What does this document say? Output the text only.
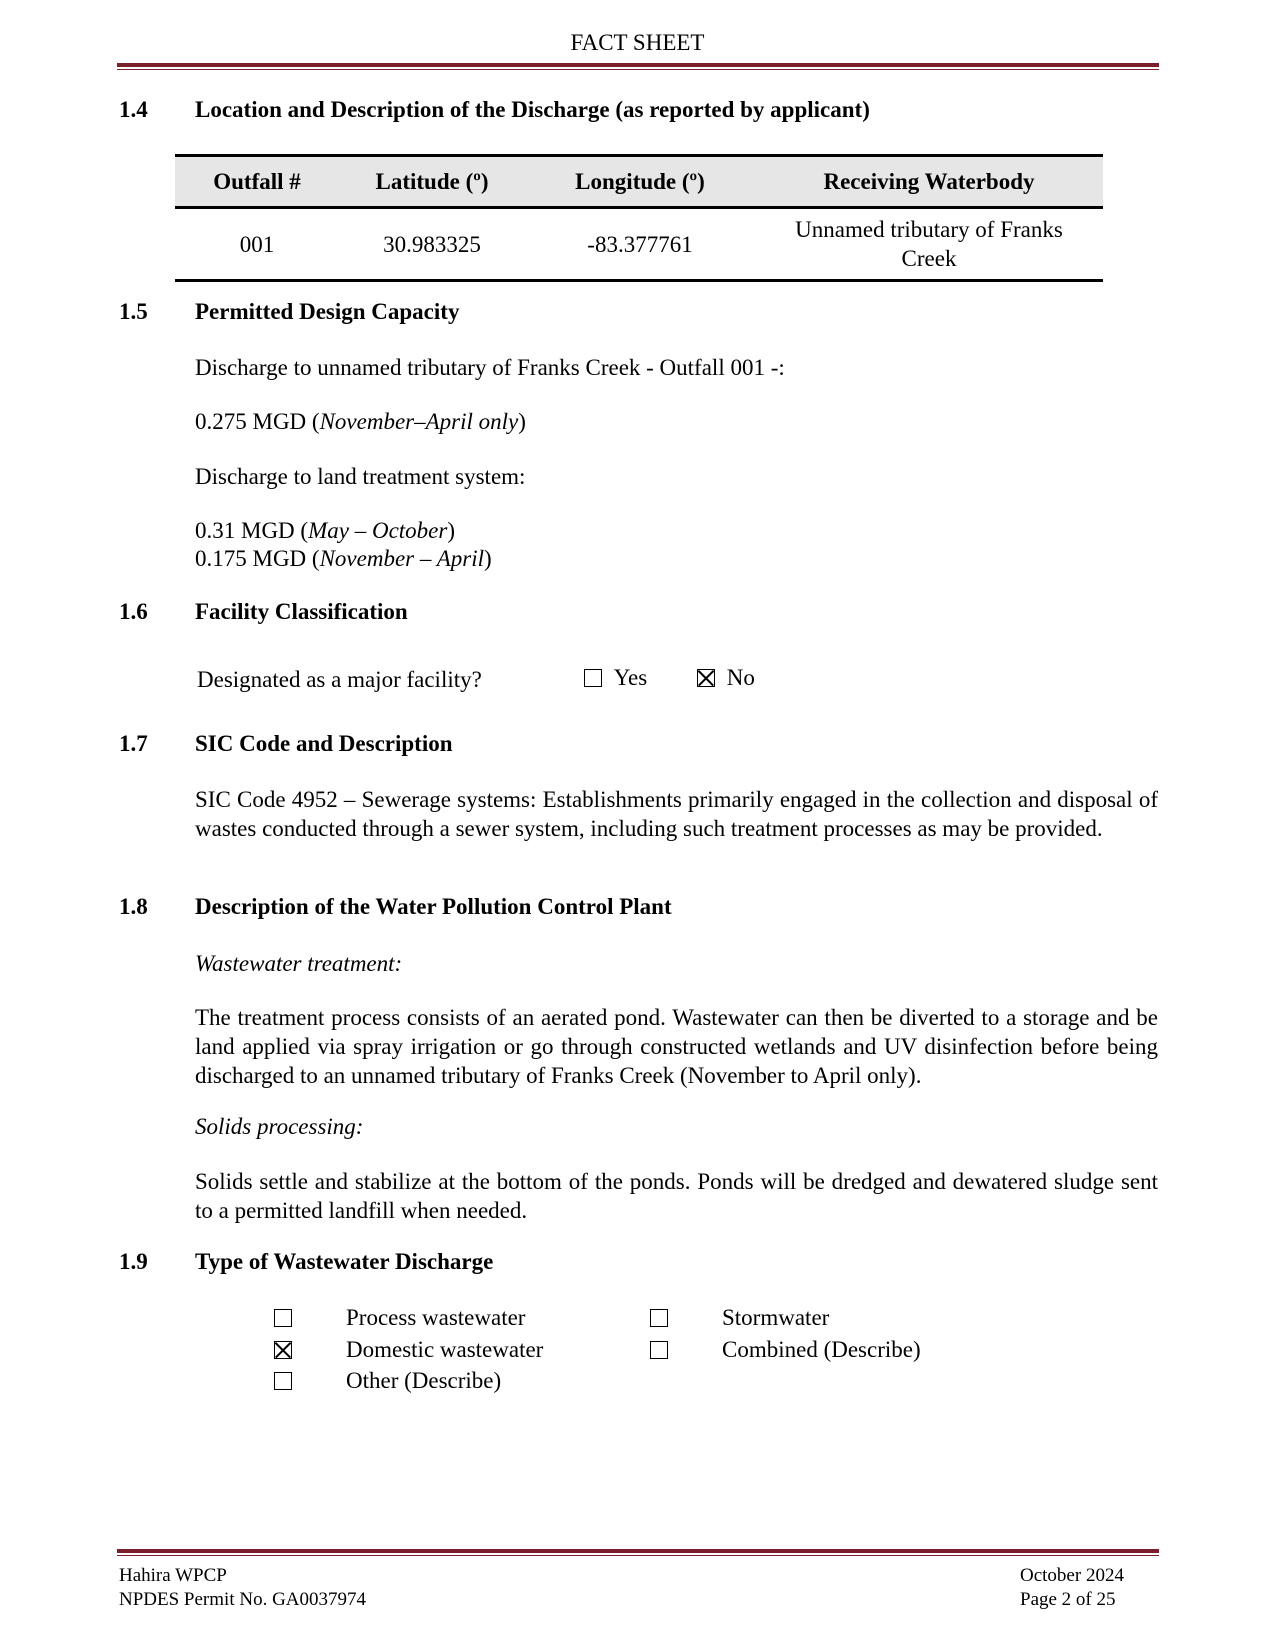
FACT SHEET
1.4 Location and Description of the Discharge (as reported by applicant)
Outfall #	Latitude (º)	Longitude (º)	Receiving Waterbody
001	30.983325	-83.377761	Unnamed tributary of Franks Creek
1.5 Permitted Design Capacity
Discharge to unnamed tributary of Franks Creek - Outfall 001 -:
0.275 MGD (November–April only)
Discharge to land treatment system:
0.31 MGD (May – October)
0.175 MGD (November – April)
1.6 Facility Classification
Designated as a major facility?	Yes	No
1.7 SIC Code and Description
SIC Code 4952 – Sewerage systems: Establishments primarily engaged in the collection and disposal of wastes conducted through a sewer system, including such treatment processes as may be provided.
1.8 Description of the Water Pollution Control Plant
Wastewater treatment:
The treatment process consists of an aerated pond. Wastewater can then be diverted to a storage and be land applied via spray irrigation or go through constructed wetlands and UV disinfection before being discharged to an unnamed tributary of Franks Creek (November to April only).
Solids processing:
Solids settle and stabilize at the bottom of the ponds. Ponds will be dredged and dewatered sludge sent to a permitted landfill when needed.
1.9 Type of Wastewater Discharge
Process wastewater	Stormwater
Domestic wastewater	Combined (Describe)
Other (Describe)
Hahira WPCP
NPDES Permit No. GA0037974
October 2024
Page 2 of 25
